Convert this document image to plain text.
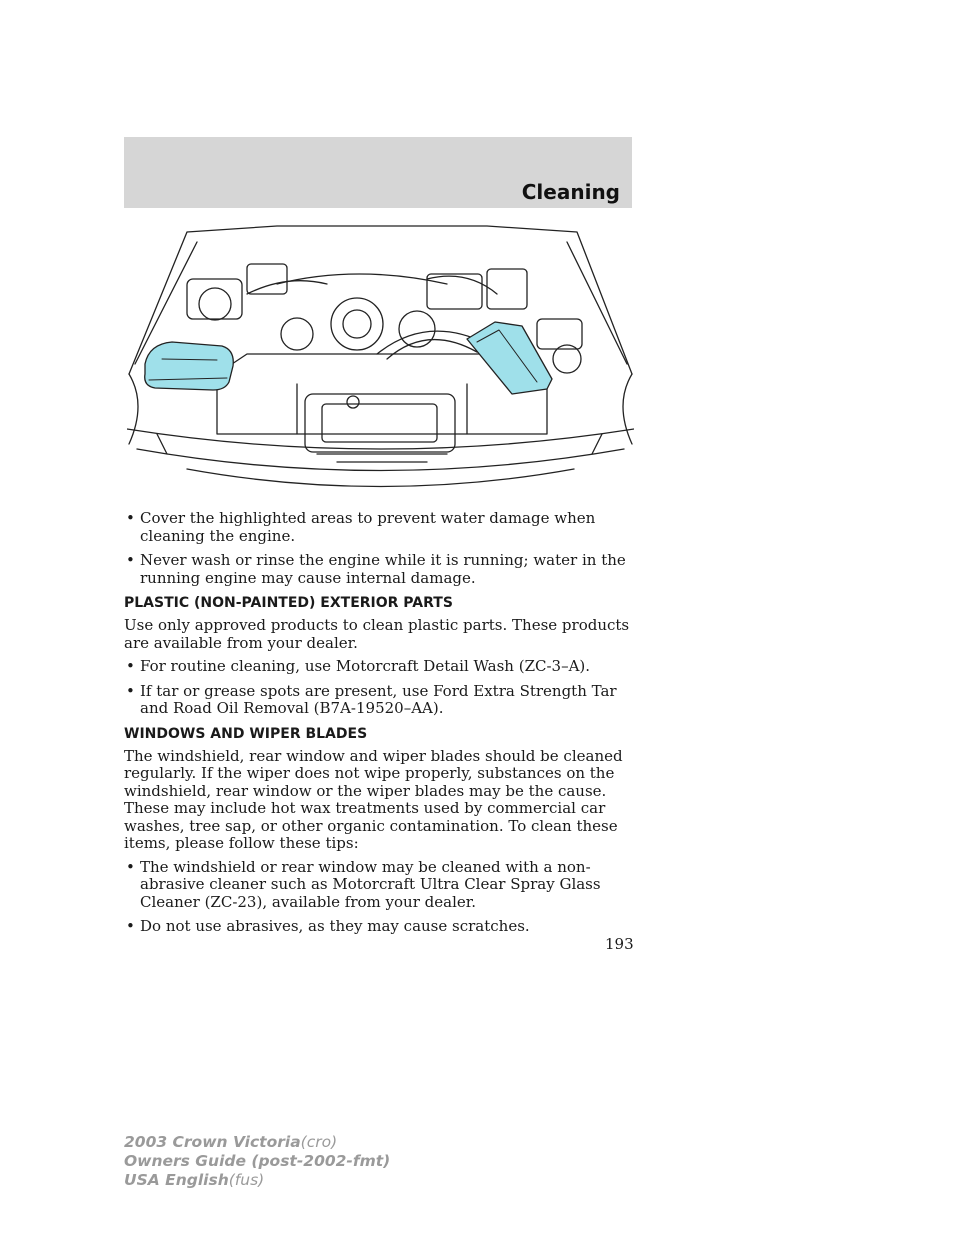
Cleaning

• Cover the highlighted areas to prevent water damage when cleaning the engine.

• Never wash or rinse the engine while it is running; water in the running engine may cause internal damage.

PLASTIC (NON-PAINTED) EXTERIOR PARTS

Use only approved products to clean plastic parts. These products are available from your dealer.

• For routine cleaning, use Motorcraft Detail Wash (ZC-3–A).

• If tar or grease spots are present, use Ford Extra Strength Tar and Road Oil Removal (B7A-19520–AA).

WINDOWS AND WIPER BLADES

The windshield, rear window and wiper blades should be cleaned regularly. If the wiper does not wipe properly, substances on the windshield, rear window or the wiper blades may be the cause. These may include hot wax treatments used by commercial car washes, tree sap, or other organic contamination. To clean these items, please follow these tips:

• The windshield or rear window may be cleaned with a non-abrasive cleaner such as Motorcraft Ultra Clear Spray Glass Cleaner (ZC-23), available from your dealer.

• Do not use abrasives, as they may cause scratches.

193
2003 Crown Victoria(cro)
Owners Guide (post-2002-fmt)
USA English(fus)
